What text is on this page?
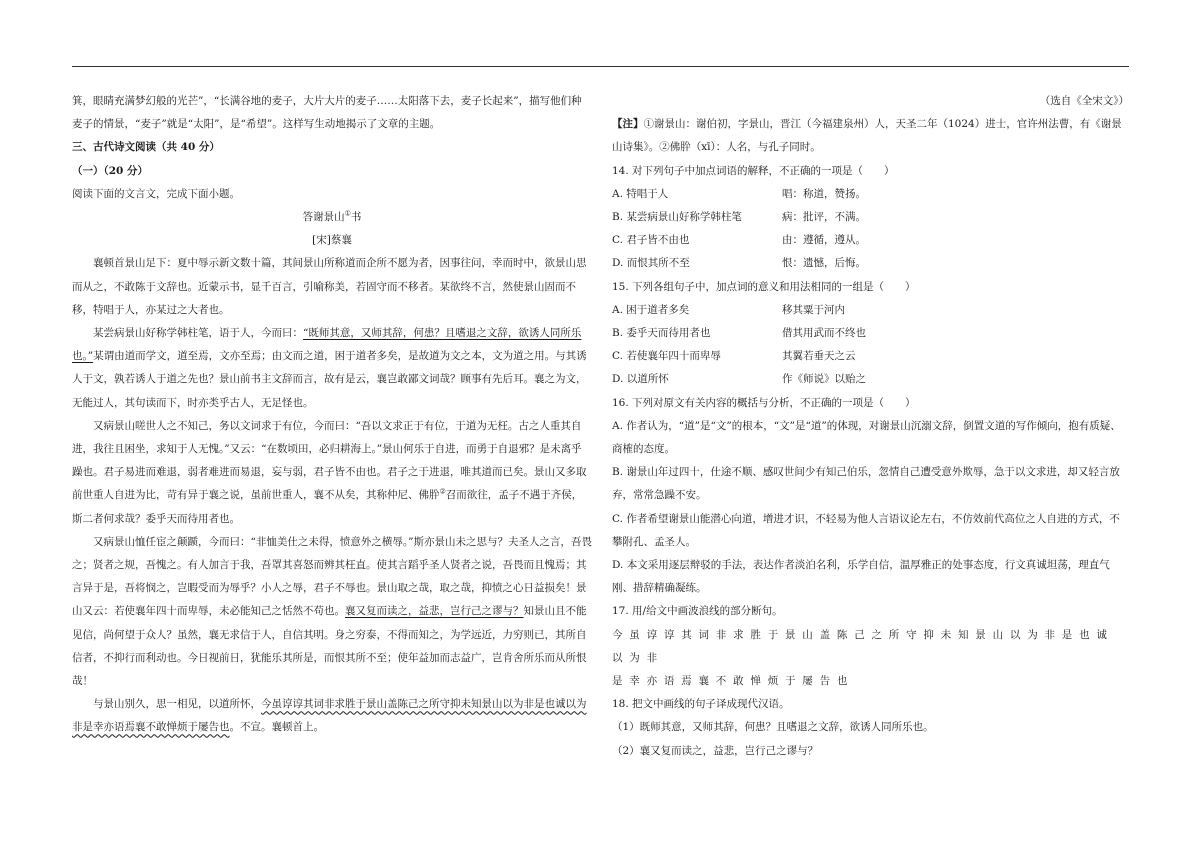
箕，眼睛充满梦幻般的光芒”，“长满谷地的麦子，大片大片的麦子……太阳落下去，麦子长起来”，描写他们种麦子的情景，“麦子”就是“太阳”，是“希望”。这样写生动地揭示了文章的主题。

三、古代诗文阅读（共 40 分）

（一）（20 分）

阅读下面的文言文，完成下面小题。

答谢景山①书

[宋]蔡襄

襄顿首景山足下：夏中辱示新文数十篇，其间景山所称道而企所不愿为者，因事往问，幸而时中，欲景山思而从之，不敢陈于文辞也。近蒙示书，显千百言，引喻称美，若固守而不移者。某欲终不言，然使景山固而不移，特唱于人，亦某过之大者也。

某尝病景山好称学韩柱笔，语于人，今而曰：“既师其意，又师其辞，何患？且嗜退之文辞，欲诱人同所乐也。”某谓由道而学文，道至焉，文亦至焉；由文而之道，困于道者多矣，是故道为文之本，文为道之用。与其诱人于文，孰若诱人于道之先也？景山前书主文辞而言，故有是云，襄岂敢鄙文词哉？顾事有先后耳。襄之为文，无能过人，其句读而下，时亦类乎古人，无足怪也。

又病景山嗟世人之不知己，务以文词求于有位，今而曰：“吾以文求正于有位，于道为无枉。古之人重其自进，我往且困坐，求知于人无愧。”又云：“在数顷田，必归耕海上。”景山何乐于自进，而勇于自退邪？是未离乎躁也。君子易进而难退，弱者难进而易退，妄与弱，君子皆不由也。君子之于进退，唯其道而已矣。景山又多取前世重人自进为比，苛有异于襄之说，虽前世重人，襄不从矣，其称仲尼、佛肸②召而欲往，孟子不遇于齐侯，斯二者何求哉？委乎天而待用者也。

又病景山恤任宦之颠踬，今而曰：“非恤美仕之未得，愤意外之横辱。”斯亦景山未之思与？夫圣人之言，吾畏之；贤者之规，吾愧之。有人加言于我，吾罩其喜怒而辨其枉直。使其言蹈乎圣人贤者之说，吾畏而且愧焉；其言异于是，吾将悯之，岂暇受而为辱乎？小人之辱，君子不辱也。景山取之哉，取之哉，抑愤之心日益损矣！景山又云：若使襄年四十而卑辱，未必能知己之恬然不苟也。襄又复而读之，益悲，岂行己之谬与？知景山且不能见信，尚何望于众人？虽然，襄无求信于人，自信其明。身之穷泰，不得而知之，为学远近，力穷则已，其所自信者，不抑行而利动也。今日视前日，犹能乐其所是，而恨其所不至；使年益加而志益广，岂肯舍所乐而从所恨哉！

与景山别久，思一相见，以道所怀，今虽谆谆其词非求胜于景山盖陈己之所守抑未知景山以为非是也诚以为非是幸亦语焉襄不敢惮烦于屡告也。不宣。襄顿首上。

（选自《全宋文》）

【注】①谢景山：谢伯初，字景山，晋江（今福建泉州）人，天圣二年（1024）进士，官许州法曹，有《谢景山诗集》。②佛肸（xī）：人名，与孔子同时。

14. 对下列句子中加点词语的解释，不正确的一项是（　　）

A. 特唱于人	唱：称道，赞扬。
B. 某尝病景山好称学韩柱笔	病：批评，不满。
C. 君子皆不由也	由：遵循，遵从。
D. 而恨其所不至	恨：遗憾，后悔。

15. 下列各组句子中，加点词的意义和用法相同的一组是（　　）

A. 困于道者多矣	移其粟于河内
B. 委乎天而待用者也	借其用武而不终也
C. 若使襄年四十而卑辱	其翼若垂天之云
D. 以道所怀	作《师说》以贻之

16. 下列对原文有关内容的概括与分析，不正确的一项是（　　）

A. 作者认为，“道”是“文”的根本，“文”是“道”的体现，对谢景山沉溺文辞，倒置文道的写作倾向，抱有质疑、商榷的态度。

B. 谢景山年过四十，仕途不顺、感叹世间少有知己伯乐，忽情自己遭受意外欺辱，急于以文求进，却又轻言放弃，常常急躁不安。

C. 作者希望谢景山能潜心向道，增进才识，不轻易为他人言语议论左右，不仿效前代高位之人自进的方式，不攀附孔、孟圣人。

D. 本文采用逐层辩驳的手法，表达作者淡泊名利，乐学自信，温厚雅正的处事态度，行文真诚坦荡，理直气刚、措辞精确凝练。

17. 用/给文中画波浪线的部分断句。

今虽谆谆其词非求胜于景山盖陈己之所守抑未知景山以为非是也诚以为非

是幸亦语焉襄不敢惮烦于屡告也

18. 把文中画线的句子译成现代汉语。

（1）既师其意，又师其辞，何患？且嗜退之文辞，欲诱人同所乐也。

（2）襄又复而读之，益悲，岂行己之谬与？
